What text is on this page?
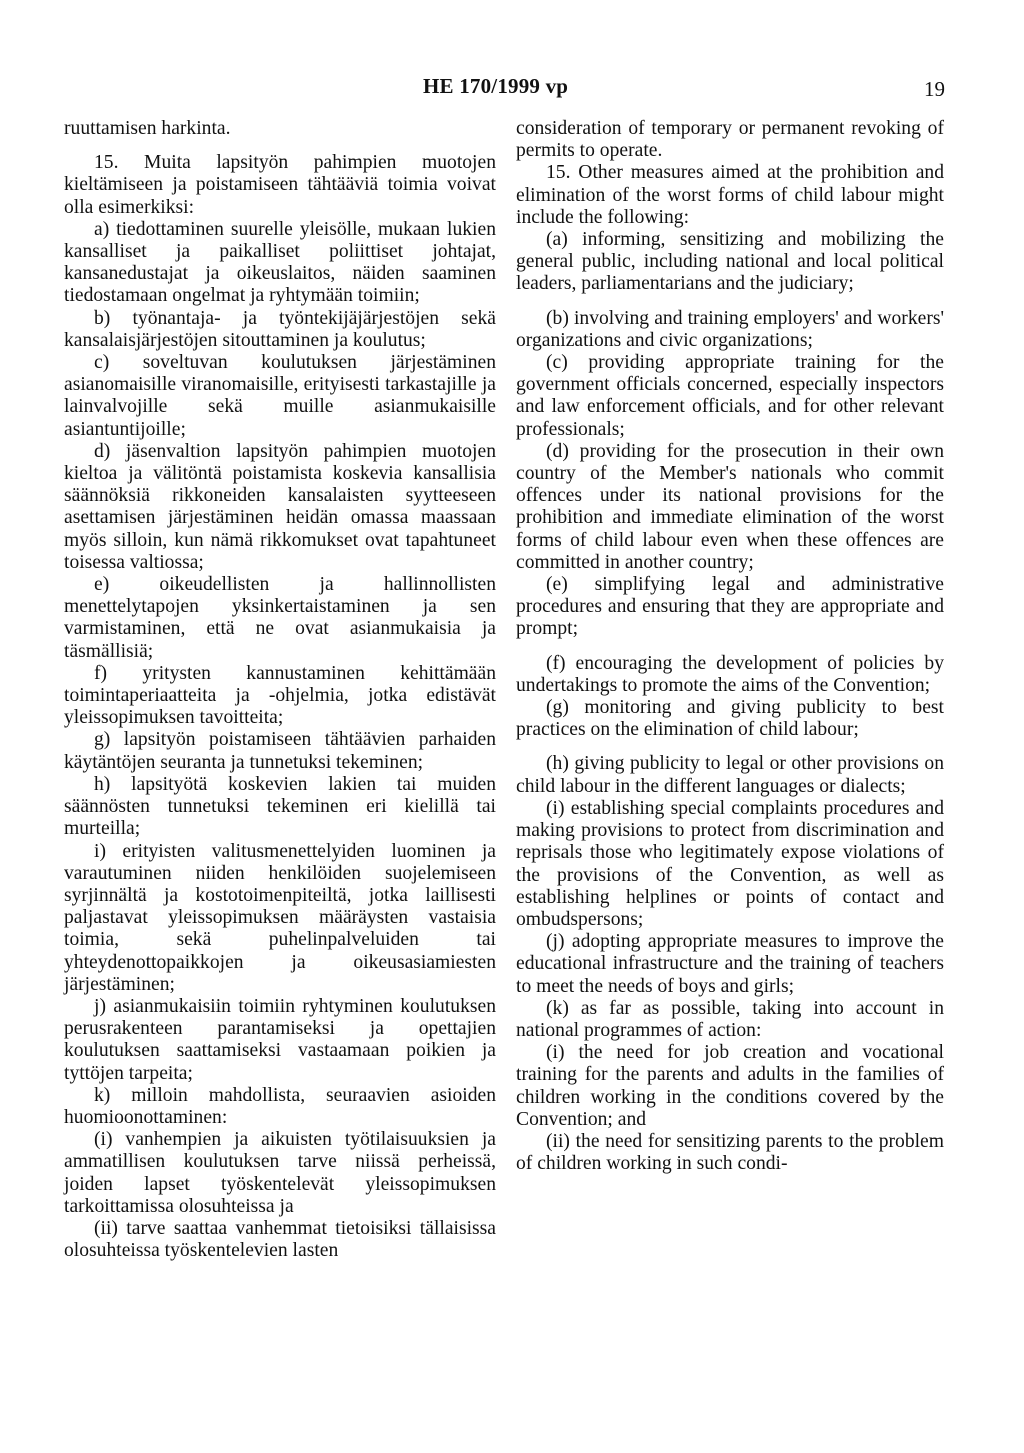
HE 170/1999 vp	19

ruuttamisen harkinta.

15. Muita lapsityön pahimpien muotojen kieltämiseen ja poistamiseen tähtääviä toimia voivat olla esimerkiksi:

a) tiedottaminen suurelle yleisölle, mukaan lukien kansalliset ja paikalliset poliittiset johtajat, kansanedustajat ja oikeuslaitos, näiden saaminen tiedostamaan ongelmat ja ryhtymään toimiin;

b) työnantaja- ja työntekijäjärjestöjen sekä kansalaisjärjestöjen sitouttaminen ja koulutus;

c) soveltuvan koulutuksen järjestäminen asianomaisille viranomaisille, erityisesti tarkastajille ja lainvalvojille sekä muille asianmukaisille asiantuntijoille;

d) jäsenvaltion lapsityön pahimpien muotojen kieltoa ja välitöntä poistamista koskevia kansallisia säännöksiä rikkoneiden kansalaisten syytteeseen asettamisen järjestäminen heidän omassa maassaan myös silloin, kun nämä rikkomukset ovat tapahtuneet toisessa valtiossa;

e) oikeudellisten ja hallinnollisten menettelytapojen yksinkertaistaminen ja sen varmistaminen, että ne ovat asianmukaisia ja täsmällisiä;

f) yritysten kannustaminen kehittämään toimintaperiaatteita ja -ohjelmia, jotka edistävät yleissopimuksen tavoitteita;

g) lapsityön poistamiseen tähtäävien parhaiden käytäntöjen seuranta ja tunnetuksi tekeminen;

h) lapsityötä koskevien lakien tai muiden säännösten tunnetuksi tekeminen eri kielillä tai murteilla;

i) erityisten valitusmenettelyiden luominen ja varautuminen niiden henkilöiden suojelemiseen syrjinnältä ja kostotoimenpiteiltä, jotka laillisesti paljastavat yleissopimuksen määräysten vastaisia toimia, sekä puhelinpalveluiden tai yhteydenottopaikkojen ja oikeusasiamiesten järjestäminen;

j) asianmukaisiin toimiin ryhtyminen koulutuksen perusrakenteen parantamiseksi ja opettajien koulutuksen saattamiseksi vastaamaan poikien ja tyttöjen tarpeita;

k) milloin mahdollista, seuraavien asioiden huomioonottaminen:

(i) vanhempien ja aikuisten työtilaisuuksien ja ammatillisen koulutuksen tarve niissä perheissä, joiden lapset työskentelevät yleissopimuksen tarkoittamissa olosuhteissa ja

(ii) tarve saattaa vanhemmat tietoisiksi tällaisissa olosuhteissa työskentelevien lasten

consideration of temporary or permanent revoking of permits to operate.

15. Other measures aimed at the prohibition and elimination of the worst forms of child labour might include the following:

(a) informing, sensitizing and mobilizing the general public, including national and local political leaders, parliamentarians and the judiciary;

(b) involving and training employers' and workers' organizations and civic organizations;

(c) providing appropriate training for the government officials concerned, especially inspectors and law enforcement officials, and for other relevant professionals;

(d) providing for the prosecution in their own country of the Member's nationals who commit offences under its national provisions for the prohibition and immediate elimination of the worst forms of child labour even when these offences are committed in another country;

(e) simplifying legal and administrative procedures and ensuring that they are appropriate and prompt;

(f) encouraging the development of policies by undertakings to promote the aims of the Convention;

(g) monitoring and giving publicity to best practices on the elimination of child labour;

(h) giving publicity to legal or other provisions on child labour in the different languages or dialects;

(i) establishing special complaints procedures and making provisions to protect from discrimination and reprisals those who legitimately expose violations of the provisions of the Convention, as well as establishing helplines or points of contact and ombudspersons;

(j) adopting appropriate measures to improve the educational infrastructure and the training of teachers to meet the needs of boys and girls;

(k) as far as possible, taking into account in national programmes of action:

(i) the need for job creation and vocational training for the parents and adults in the families of children working in the conditions covered by the Convention; and

(ii) the need for sensitizing parents to the problem of children working in such condi-
